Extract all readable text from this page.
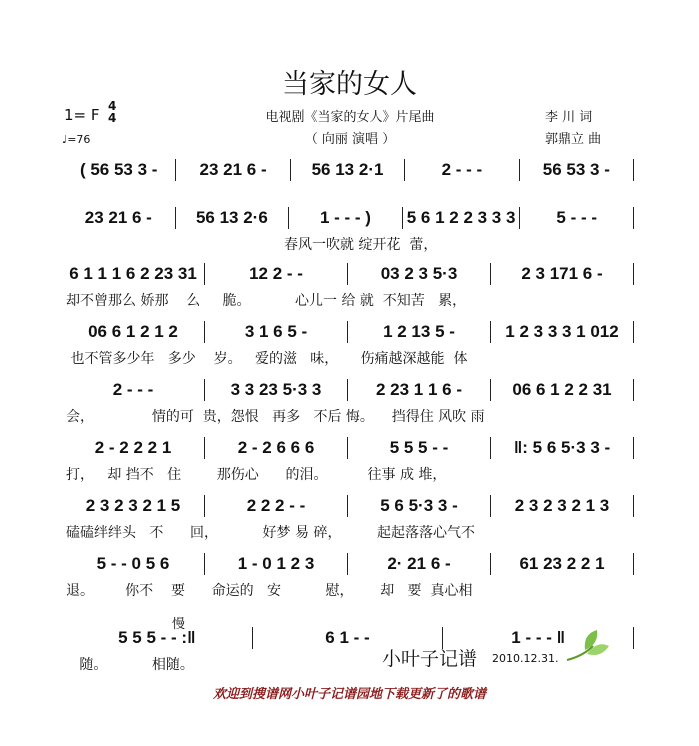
当家的女人
1= F 4
4
♩=76
电视剧《当家的女人》片尾曲
（ 向丽 演唱 ）
李 川 词
郭鼎立 曲
( 56 53 3 -	23 21 6 -	56 13 2·1	2 - - -	56 53 3 -
23 21 6 -	56 13 2·6	1 - - - )	5 6 1 2 2 3 3 3	5 - - -
春风一吹就 绽开花  蕾，
6 1 1 1 6 2 23 31	12 2 - -	03 2 3 5·3	2 3 171 6 -
却不曾那么 娇那    么     脆。          心儿一 给 就  不知苦   累，
06 6 1 2 1 2	3 1 6 5 -	1 2 13 5 -	1 2 3 3 3 1 012
也不管多少年   多少    岁。   爱的滋   味，     伤痛越深越能  体
2 - - -	3 3 23 5·3 3	2 23 1 1 6 -	06 6 1 2 2 31
会，             情的可  贵，怨恨   再多   不后 悔。    挡得住 风吹 雨
2 - 2 2 2 1	2 - 2 6 6 6	5 5 5 - -	‖: 5 6 5·3 3 -
打，   却 挡不   住        那伤心      的泪。         往事 成 堆，
2 3 2 3 2 1 5	2 2 2 - -	5 6 5·3 3 -	2 3 2 3 2 1 3
磕磕绊绊头   不      回，          好梦 易 碎，        起起落落心气不
5 - - 0 5 6	1 - 0 1 2 3	2· 21 6 -	61 23 2 2 1
退。       你不    要      命运的   安          慰，      却   要  真心相
5 5 5 - - :‖	6 1 - -	1 - - - ‖
随。          相随。
慢
小叶子记谱 2010.12.31.
欢迎到搜谱网小叶子记谱园地下载更新了的歌谱
